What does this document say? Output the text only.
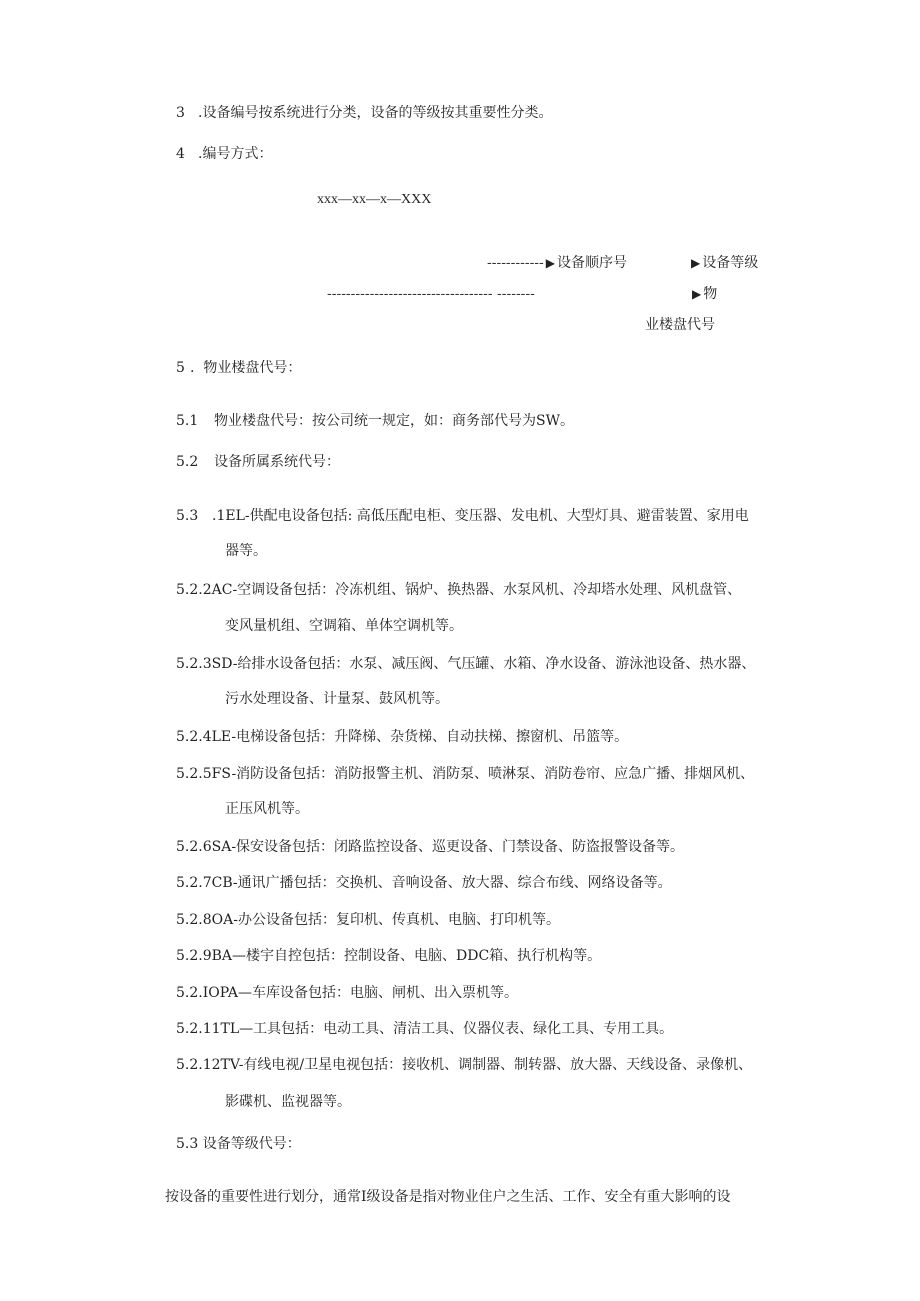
3 .设备编号按系统进行分类，设备的等级按其重要性分类。
4 .编号方式：
xxx—xx—x—XXX
------------ ▶ 设备顺序号	▶ 设备等级
----------------------------------- --------	▶ 物
业楼盘代号
5 .  物业楼盘代号：
5.1 物业楼盘代号：按公司统一规定，如：商务部代号为SW。
5.2 设备所属系统代号：
5.3 .1EL-供配电设备包括: 高低压配电柜、变压器、发电机、大型灯具、避雷装置、家用电
器等。
5.2.2AC-空调设备包括：冷冻机组、锅炉、换热器、水泵风机、冷却塔水处理、风机盘管、
变风量机组、空调箱、单体空调机等。
5.2.3SD-给排水设备包括：水泵、减压阀、气压罐、水箱、净水设备、游泳池设备、热水器、
污水处理设备、计量泵、鼓风机等。
5.2.4LE-电梯设备包括：升降梯、杂货梯、自动扶梯、擦窗机、吊篮等。
5.2.5FS-消防设备包括：消防报警主机、消防泵、喷淋泵、消防卷帘、应急广播、排烟风机、
正压风机等。
5.2.6SA-保安设备包括：闭路监控设备、巡更设备、门禁设备、防盗报警设备等。
5.2.7CB-通讯广播包括：交换机、音响设备、放大器、综合布线、网络设备等。
5.2.8OA-办公设备包括：复印机、传真机、电脑、打印机等。
5.2.9BA—楼宇自控包括：控制设备、电脑、DDC箱、执行机构等。
5.2.IOPA—车库设备包括：电脑、闸机、出入票机等。
5.2.11TL—工具包括：电动工具、清洁工具、仪器仪表、绿化工具、专用工具。
5.2.12TV-有线电视/卫星电视包括：接收机、调制器、制转器、放大器、天线设备、录像机、
影碟机、监视器等。
5.3 设备等级代号：
按设备的重要性进行划分，通常I级设备是指对物业住户之生活、工作、安全有重大影响的设
